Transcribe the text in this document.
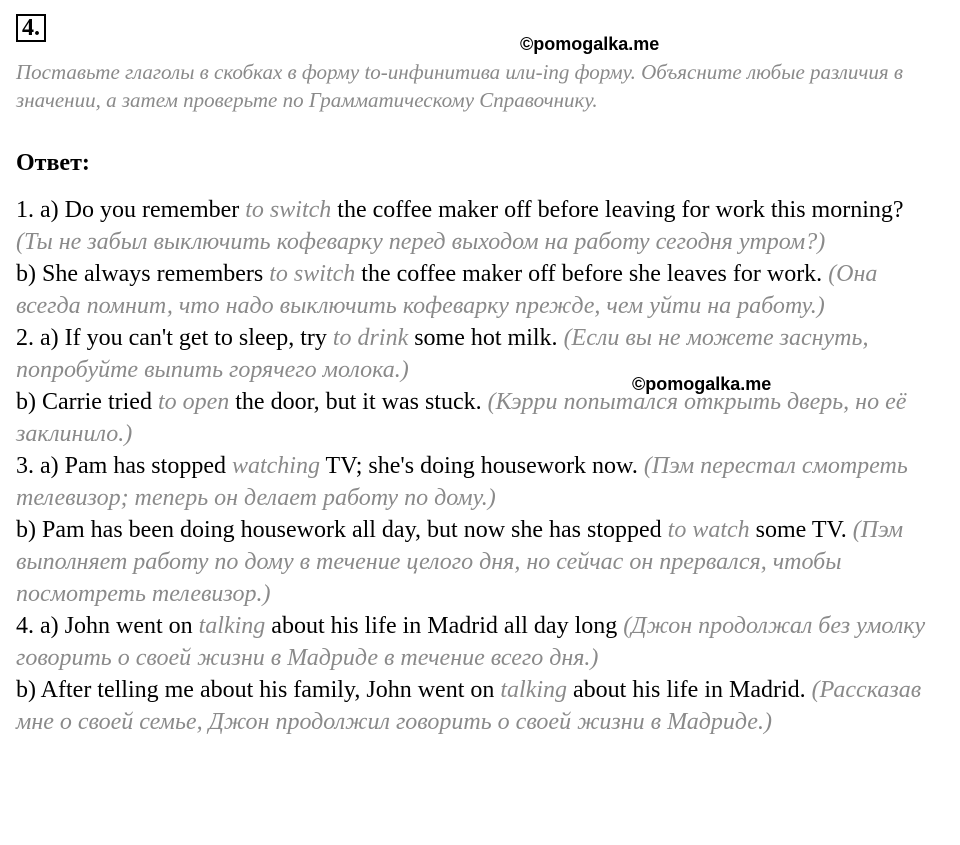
4.
©pomogalka.me
©pomogalka.me
Поставьте глаголы в скобках в форму to-инфинитива или-ing форму. Объясните любые различия в значении, а затем проверьте по Грамматическому Справочнику.
Ответ:

1. a) Do you remember to switch the coffee maker off before leaving for work this morning? (Ты не забыл выключить кофеварку перед выходом на работу сегодня утром?)

b) She always remembers to switch the coffee maker off before she leaves for work. (Она всегда помнит, что надо выключить кофеварку прежде, чем уйти на работу.)

2. a) If you can't get to sleep, try to drink some hot milk. (Если вы не можете заснуть, попробуйте выпить горячего молока.)

b) Carrie tried to open the door, but it was stuck. (Кэрри попытался открыть дверь, но её заклинило.)

3. a) Pam has stopped watching TV; she's doing housework now. (Пэм перестал смотреть телевизор; теперь он делает работу по дому.)

b) Pam has been doing housework all day, but now she has stopped to watch some TV. (Пэм выполняет работу по дому в течение целого дня, но сейчас он прервался, чтобы посмотреть телевизор.)

4. a) John went on talking about his life in Madrid all day long (Джон продолжал без умолку говорить о своей жизни в Мадриде в течение всего дня.)

b) After telling me about his family, John went on talking about his life in Madrid. (Рассказав мне о своей семье, Джон продолжил говорить о своей жизни в Мадриде.)
